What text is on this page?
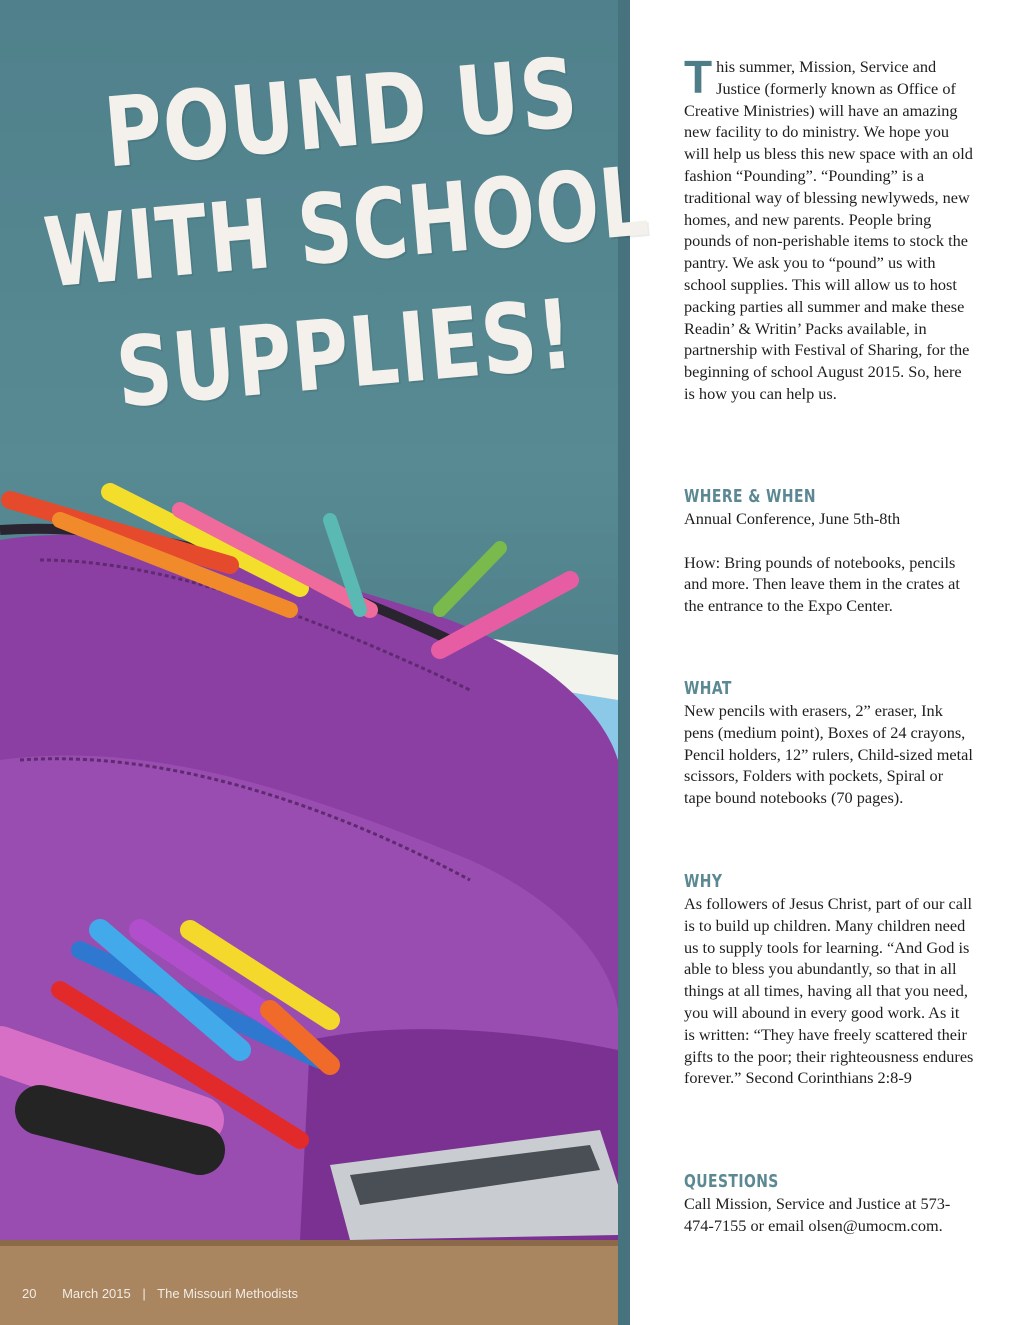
POUND US
WITH SCHOOL
SUPPLIES!
20 March 2015 | The Missouri Methodists

This summer, Mission, Service and Justice (formerly known as Office of Creative Ministries) will have an amazing new facility to do ministry. We hope you will help us bless this new space with an old fashion “Pounding”. “Pounding” is a traditional way of blessing newlyweds, new homes, and new parents. People bring pounds of non-perishable items to stock the pantry. We ask you to “pound” us with school supplies. This will allow us to host packing parties all summer and make these Readin’ & Writin’ Packs available, in partnership with Festival of Sharing, for the beginning of school August 2015. So, here is how you can help us.

WHERE & WHEN

Annual Conference, June 5th-8th

How: Bring pounds of notebooks, pencils and more. Then leave them in the crates at the entrance to the Expo Center.

WHAT

New pencils with erasers, 2” eraser, Ink pens (medium point), Boxes of 24 crayons, Pencil holders, 12” rulers, Child-sized metal scissors, Folders with pockets, Spiral or tape bound notebooks (70 pages).

WHY

As followers of Jesus Christ, part of our call is to build up children. Many children need us to supply tools for learning. “And God is able to bless you abundantly, so that in all things at all times, having all that you need, you will abound in every good work. As it is written: “They have freely scattered their gifts to the poor; their righteousness endures forever.” Second Corinthians 2:8-9

QUESTIONS

Call Mission, Service and Justice at 573-474-7155 or email olsen@umocm.com.
